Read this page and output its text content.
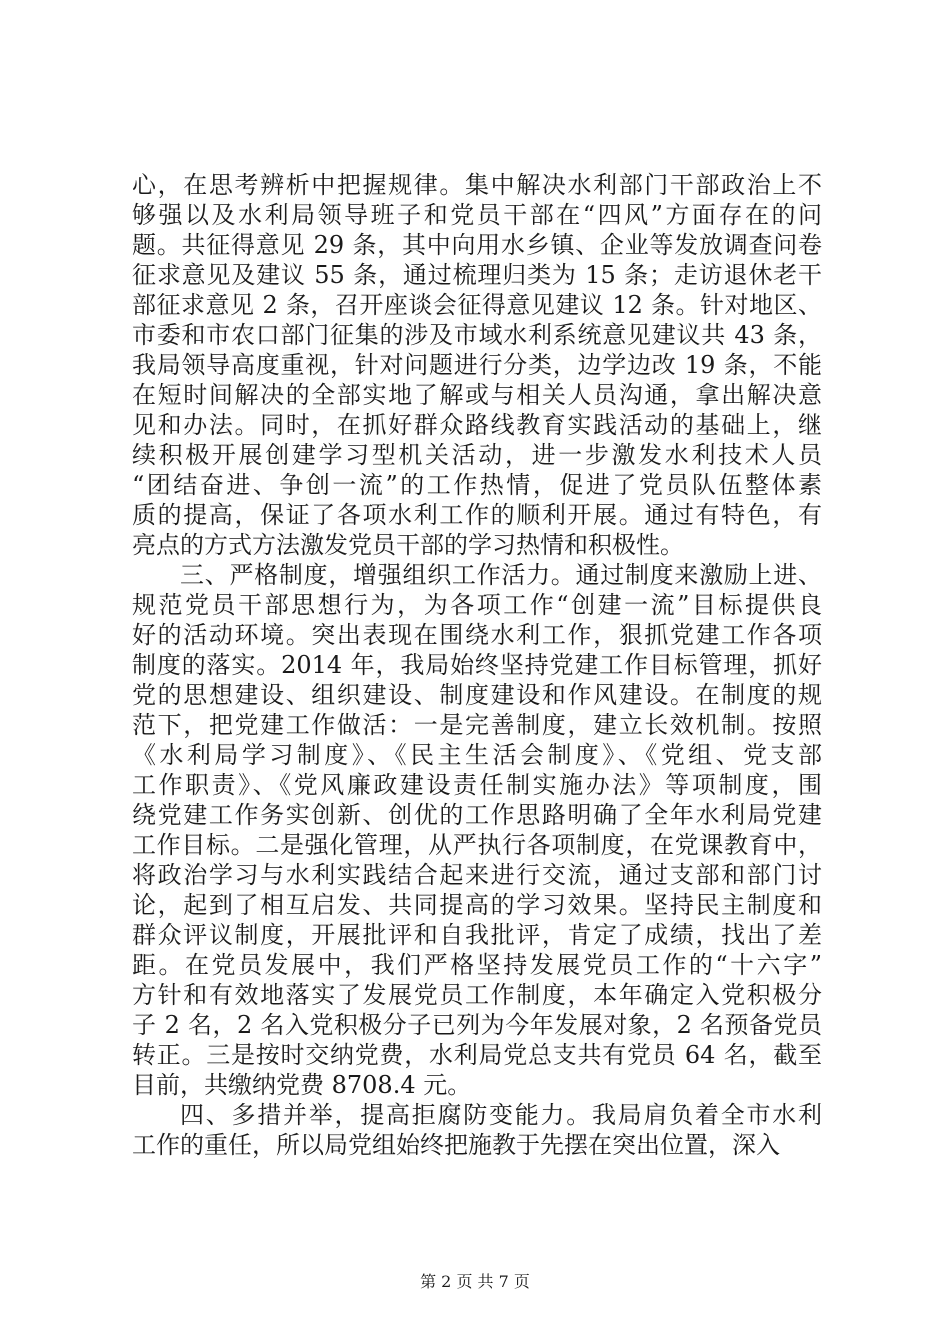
心，在思考辨析中把握规律。集中解决水利部门干部政治上不
够强以及水利局领导班子和党员干部在“四风”方面存在的问
题。共征得意见 29 条，其中向用水乡镇、企业等发放调查问卷
征求意见及建议 55 条，通过梳理归类为 15 条；走访退休老干
部征求意见 2 条，召开座谈会征得意见建议 12 条。针对地区、
市委和市农口部门征集的涉及市域水利系统意见建议共 43 条，
我局领导高度重视，针对问题进行分类，边学边改 19 条，不能
在短时间解决的全部实地了解或与相关人员沟通，拿出解决意
见和办法。同时，在抓好群众路线教育实践活动的基础上，继
续积极开展创建学习型机关活动，进一步激发水利技术人员
“团结奋进、争创一流”的工作热情，促进了党员队伍整体素
质的提高，保证了各项水利工作的顺利开展。通过有特色，有
亮点的方式方法激发党员干部的学习热情和积极性。
三、严格制度，增强组织工作活力。通过制度来激励上进、
规范党员干部思想行为，为各项工作“创建一流”目标提供良
好的活动环境。突出表现在围绕水利工作，狠抓党建工作各项
制度的落实。2014 年，我局始终坚持党建工作目标管理，抓好
党的思想建设、组织建设、制度建设和作风建设。在制度的规
范下，把党建工作做活：一是完善制度，建立长效机制。按照
《水利局学习制度》、《民主生活会制度》、《党组、党支部
工作职责》、《党风廉政建设责任制实施办法》等项制度，围
绕党建工作务实创新、创优的工作思路明确了全年水利局党建
工作目标。二是强化管理，从严执行各项制度，在党课教育中，
将政治学习与水利实践结合起来进行交流，通过支部和部门讨
论，起到了相互启发、共同提高的学习效果。坚持民主制度和
群众评议制度，开展批评和自我批评，肯定了成绩，找出了差
距。在党员发展中，我们严格坚持发展党员工作的“十六字”
方针和有效地落实了发展党员工作制度，本年确定入党积极分
子 2 名，2 名入党积极分子已列为今年发展对象，2 名预备党员
转正。三是按时交纳党费，水利局党总支共有党员 64 名，截至
目前，共缴纳党费 8708.4 元。
四、多措并举，提高拒腐防变能力。我局肩负着全市水利
工作的重任，所以局党组始终把施教于先摆在突出位置，深入
第 2 页 共 7 页
